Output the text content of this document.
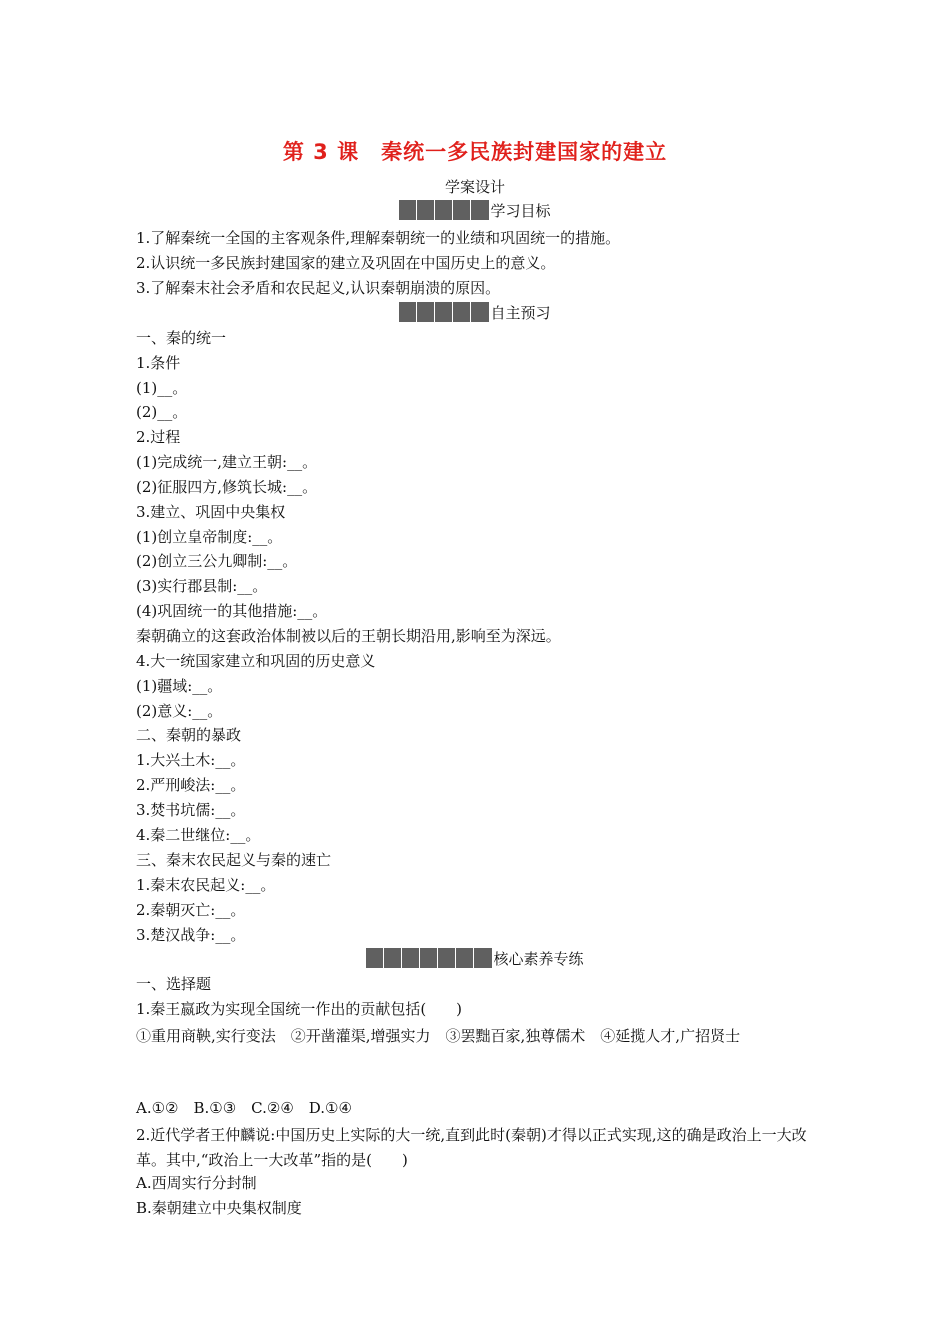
第 3 课　秦统一多民族封建国家的建立
学案设计
学习目标
1.了解秦统一全国的主客观条件,理解秦朝统一的业绩和巩固统一的措施。
2.认识统一多民族封建国家的建立及巩固在中国历史上的意义。
3.了解秦末社会矛盾和农民起义,认识秦朝崩溃的原因。
自主预习
一、秦的统一
1.条件
(1)__。
(2)__。
2.过程
(1)完成统一,建立王朝:__。
(2)征服四方,修筑长城:__。
3.建立、巩固中央集权
(1)创立皇帝制度:__。
(2)创立三公九卿制:__。
(3)实行郡县制:__。
(4)巩固统一的其他措施:__。
秦朝确立的这套政治体制被以后的王朝长期沿用,影响至为深远。
4.大一统国家建立和巩固的历史意义
(1)疆域:__。
(2)意义:__。
二、秦朝的暴政
1.大兴土木:__。
2.严刑峻法:__。
3.焚书坑儒:__。
4.秦二世继位:__。
三、秦末农民起义与秦的速亡
1.秦末农民起义:__。
2.秦朝灭亡:__。
3.楚汉战争:__。
核心素养专练
一、选择题
1.秦王嬴政为实现全国统一作出的贡献包括(　　)
①重用商鞅,实行变法　②开凿灌渠,增强实力　③罢黜百家,独尊儒术　④延揽人才,广招贤士
A.①②　B.①③　C.②④　D.①④
2.近代学者王仲麟说:中国历史上实际的大一统,直到此时(秦朝)才得以正式实现,这的确是政治上一大改革。其中,“政治上一大改革”指的是(　　)
A.西周实行分封制
B.秦朝建立中央集权制度
